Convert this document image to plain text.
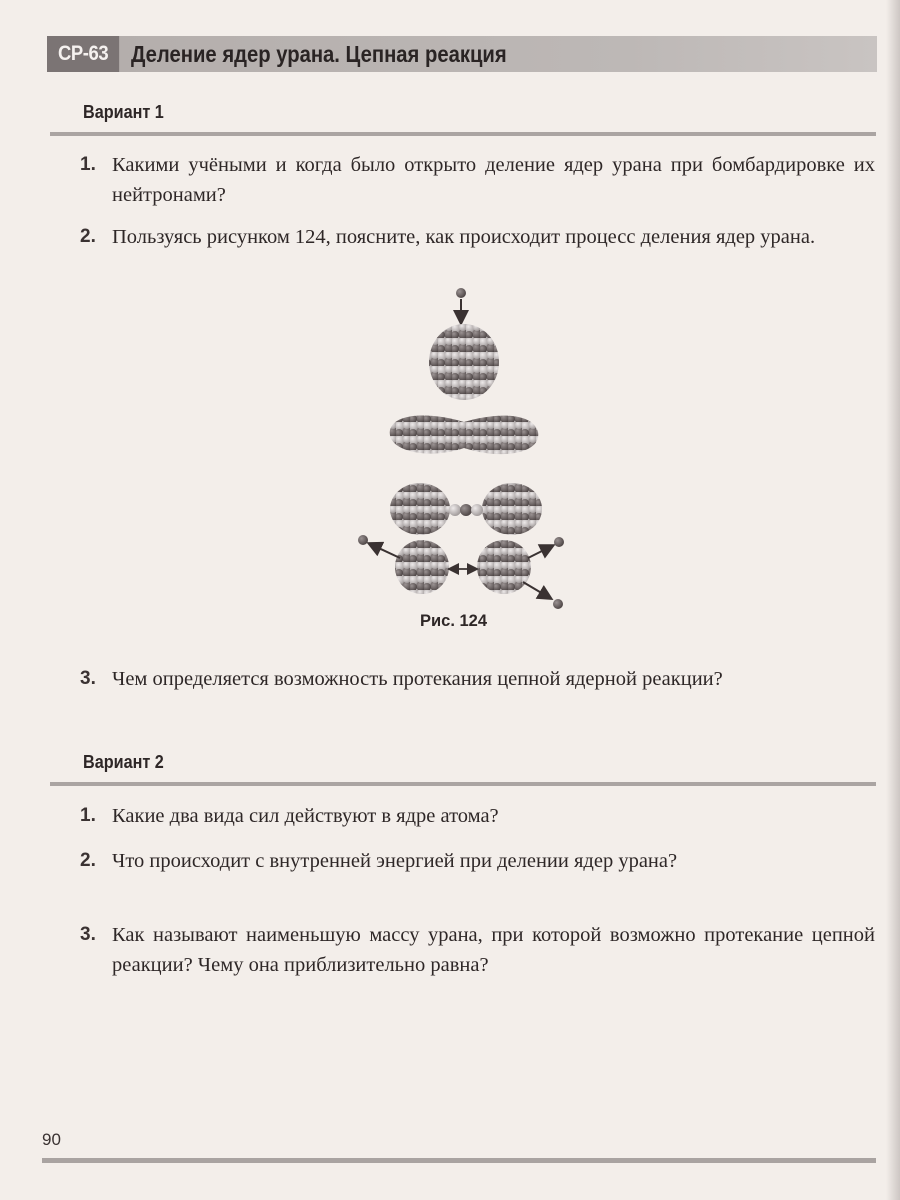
СР-63 Деление ядер урана. Цепная реакция
Вариант 1
1. Какими учёными и когда было открыто деление ядер урана при бомбардировке их нейтронами?
2. Пользуясь рисунком 124, поясните, как происходит процесс деления ядер урана.
Рис. 124
3. Чем определяется возможность протекания цепной ядерной реакции?
Вариант 2
1. Какие два вида сил действуют в ядре атома?
2. Что происходит с внутренней энергией при делении ядер урана?
3. Как называют наименьшую массу урана, при которой возможно протекание цепной реакции? Чему она приблизительно равна?
90
